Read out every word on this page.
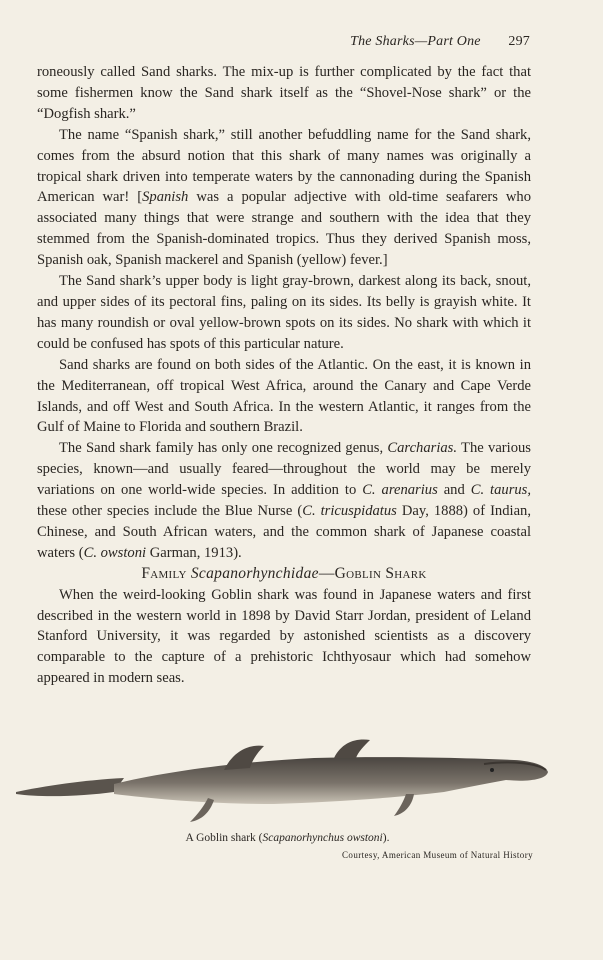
The Sharks—Part One 297

roneously called Sand sharks. The mix-up is further complicated by the fact that some fishermen know the Sand shark itself as the “Shovel-Nose shark” or the “Dogfish shark.”

The name “Spanish shark,” still another befuddling name for the Sand shark, comes from the absurd notion that this shark of many names was originally a tropical shark driven into temperate waters by the cannonading during the Spanish American war! [Spanish was a popular adjective with old-time seafarers who associated many things that were strange and southern with the idea that they stemmed from the Spanish-dominated tropics. Thus they derived Spanish moss, Spanish oak, Spanish mackerel and Spanish (yellow) fever.]

The Sand shark’s upper body is light gray-brown, darkest along its back, snout, and upper sides of its pectoral fins, paling on its sides. Its belly is grayish white. It has many roundish or oval yellow-brown spots on its sides. No shark with which it could be confused has spots of this particular nature.

Sand sharks are found on both sides of the Atlantic. On the east, it is known in the Mediterranean, off tropical West Africa, around the Canary and Cape Verde Islands, and off West and South Africa. In the western Atlantic, it ranges from the Gulf of Maine to Florida and southern Brazil.

The Sand shark family has only one recognized genus, Carcharias. The various species, known—and usually feared—throughout the world may be merely variations on one world-wide species. In addition to C. arenarius and C. taurus, these other species include the Blue Nurse (C. tricuspidatus Day, 1888) of Indian, Chinese, and South African waters, and the common shark of Japanese coastal waters (C. owstoni Garman, 1913).

Family Scapanorhynchidae—Goblin Shark

When the weird-looking Goblin shark was found in Japanese waters and first described in the western world in 1898 by David Starr Jordan, president of Leland Stanford University, it was regarded by astonished scientists as a discovery comparable to the capture of a prehistoric Ichthyosaur which had somehow appeared in modern seas.

A Goblin shark (Scapanorhynchus owstoni).
Courtesy, American Museum of Natural History
